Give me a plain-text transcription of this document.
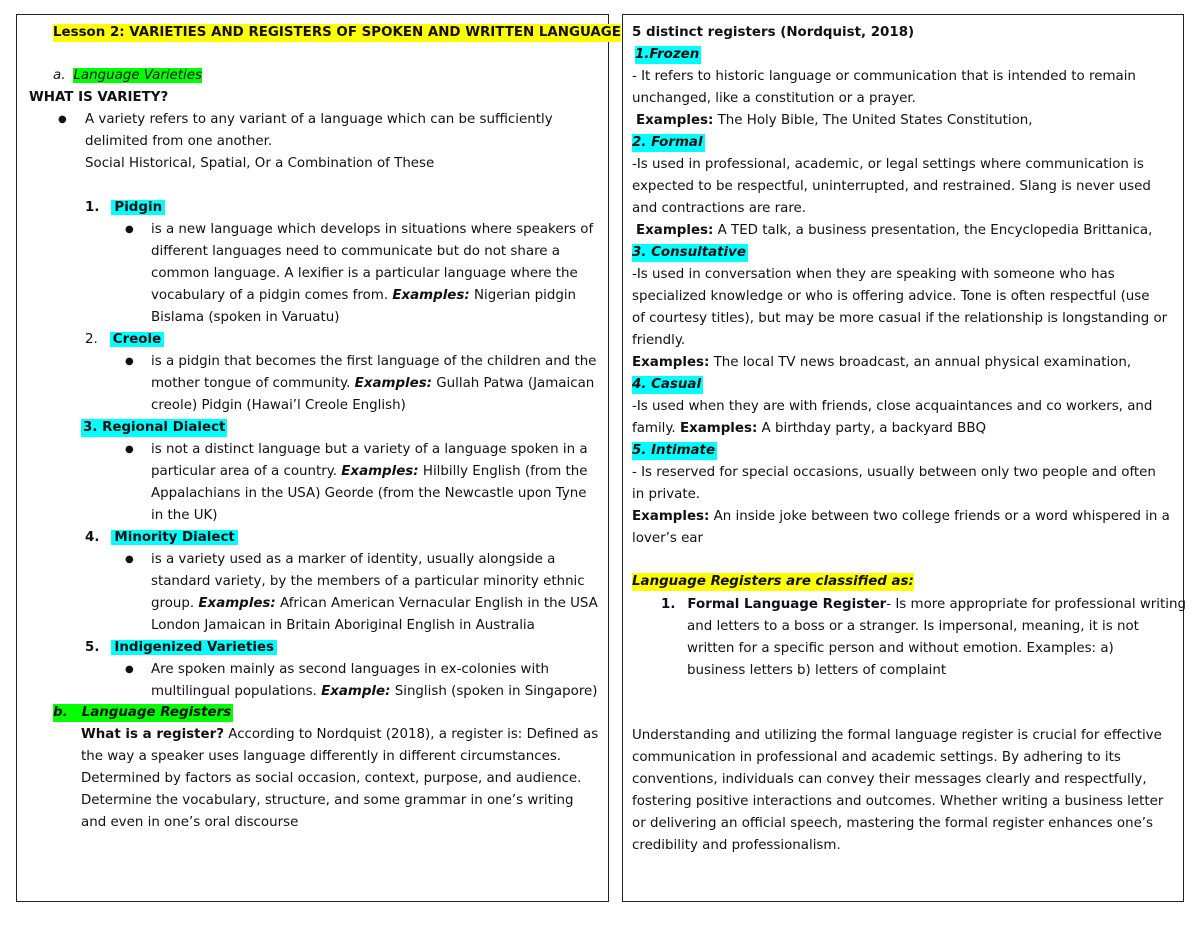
Lesson 2: VARIETIES AND REGISTERS OF SPOKEN AND WRITTEN LANGUAGE
a. Language Varieties
WHAT IS VARIETY?
● A variety refers to any variant of a language which can be sufficiently
delimited from one another.
Social Historical, Spatial, Or a Combination of These
1. Pidgin
● is a new language which develops in situations where speakers of
different languages need to communicate but do not share a
common language. A lexifier is a particular language where the
vocabulary of a pidgin comes from. Examples: Nigerian pidgin
Bislama (spoken in Varuatu)
2. Creole
● is a pidgin that becomes the first language of the children and the
mother tongue of community. Examples: Gullah Patwa (Jamaican
creole) Pidgin (Hawai’l Creole English)
3. Regional Dialect
● is not a distinct language but a variety of a language spoken in a
particular area of a country. Examples: Hilbilly English (from the
Appalachians in the USA) Georde (from the Newcastle upon Tyne
in the UK)
4. Minority Dialect
● is a variety used as a marker of identity, usually alongside a
standard variety, by the members of a particular minority ethnic
group. Examples: African American Vernacular English in the USA
London Jamaican in Britain Aboriginal English in Australia
5. Indigenized Varieties
● Are spoken mainly as second languages in ex-colonies with
multilingual populations. Example: Singlish (spoken in Singapore)
b. Language Registers
What is a register? According to Nordquist (2018), a register is: Defined as
the way a speaker uses language differently in different circumstances.
Determined by factors as social occasion, context, purpose, and audience.
Determine the vocabulary, structure, and some grammar in one’s writing
and even in one’s oral discourse
5 distinct registers (Nordquist, 2018)
1.Frozen
- It refers to historic language or communication that is intended to remain
unchanged, like a constitution or a prayer.
Examples: The Holy Bible, The United States Constitution,
2. Formal
-Is used in professional, academic, or legal settings where communication is
expected to be respectful, uninterrupted, and restrained. Slang is never used
and contractions are rare.
Examples: A TED talk, a business presentation, the Encyclopedia Brittanica,
3. Consultative
-Is used in conversation when they are speaking with someone who has
specialized knowledge or who is offering advice. Tone is often respectful (use
of courtesy titles), but may be more casual if the relationship is longstanding or
friendly.
Examples: The local TV news broadcast, an annual physical examination,
4. Casual
-Is used when they are with friends, close acquaintances and co workers, and
family. Examples: A birthday party, a backyard BBQ
5. Intimate
- Is reserved for special occasions, usually between only two people and often
in private.
Examples: An inside joke between two college friends or a word whispered in a
lover’s ear
Language Registers are classified as:
1. Formal Language Register- Is more appropriate for professional writing
and letters to a boss or a stranger. Is impersonal, meaning, it is not
written for a specific person and without emotion. Examples: a)
business letters b) letters of complaint
Understanding and utilizing the formal language register is crucial for effective
communication in professional and academic settings. By adhering to its
conventions, individuals can convey their messages clearly and respectfully,
fostering positive interactions and outcomes. Whether writing a business letter
or delivering an official speech, mastering the formal register enhances one’s
credibility and professionalism.
